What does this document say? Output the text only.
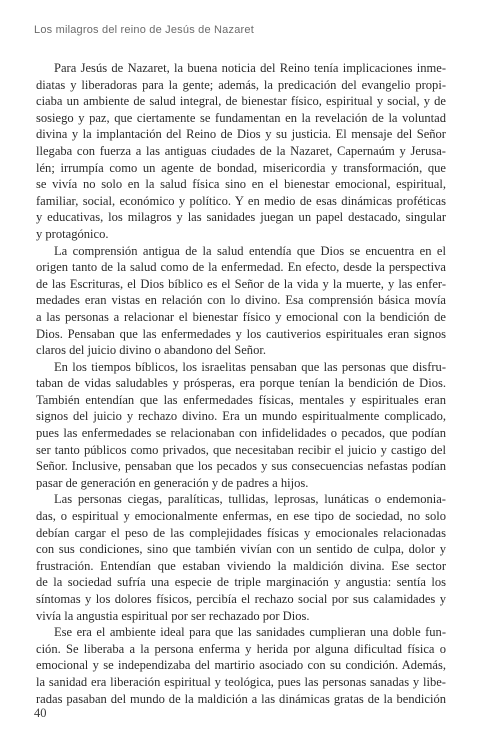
Los milagros del reino de Jesús de Nazaret
Para Jesús de Nazaret, la buena noticia del Reino tenía implicaciones inme-
diatas y liberadoras para la gente; además, la predicación del evangelio propi-
ciaba un ambiente de salud integral, de bienestar físico, espiritual y social, y de
sosiego y paz, que ciertamente se fundamentan en la revelación de la voluntad
divina y la implantación del Reino de Dios y su justicia. El mensaje del Señor
llegaba con fuerza a las antiguas ciudades de la Nazaret, Capernaúm y Jerusa-
lén; irrumpía como un agente de bondad, misericordia y transformación, que
se vivía no solo en la salud física sino en el bienestar emocional, espiritual,
familiar, social, económico y político. Y en medio de esas dinámicas proféticas
y educativas, los milagros y las sanidades juegan un papel destacado, singular
y protagónico.
La comprensión antigua de la salud entendía que Dios se encuentra en el
origen tanto de la salud como de la enfermedad. En efecto, desde la perspectiva
de las Escrituras, el Dios bíblico es el Señor de la vida y la muerte, y las enfer-
medades eran vistas en relación con lo divino. Esa comprensión básica movía
a las personas a relacionar el bienestar físico y emocional con la bendición de
Dios. Pensaban que las enfermedades y los cautiverios espirituales eran signos
claros del juicio divino o abandono del Señor.
En los tiempos bíblicos, los israelitas pensaban que las personas que disfru-
taban de vidas saludables y prósperas, era porque tenían la bendición de Dios.
También entendían que las enfermedades físicas, mentales y espirituales eran
signos del juicio y rechazo divino. Era un mundo espiritualmente complicado,
pues las enfermedades se relacionaban con infidelidades o pecados, que podían
ser tanto públicos como privados, que necesitaban recibir el juicio y castigo del
Señor. Inclusive, pensaban que los pecados y sus consecuencias nefastas podían
pasar de generación en generación y de padres a hijos.
Las personas ciegas, paralíticas, tullidas, leprosas, lunáticas o endemonia-
das, o espiritual y emocionalmente enfermas, en ese tipo de sociedad, no solo
debían cargar el peso de las complejidades físicas y emocionales relacionadas
con sus condiciones, sino que también vivían con un sentido de culpa, dolor y
frustración. Entendían que estaban viviendo la maldición divina. Ese sector
de la sociedad sufría una especie de triple marginación y angustia: sentía los
síntomas y los dolores físicos, percibía el rechazo social por sus calamidades y
vivía la angustia espiritual por ser rechazado por Dios.
Ese era el ambiente ideal para que las sanidades cumplieran una doble fun-
ción. Se liberaba a la persona enferma y herida por alguna dificultad física o
emocional y se independizaba del martirio asociado con su condición. Además,
la sanidad era liberación espiritual y teológica, pues las personas sanadas y libe-
radas pasaban del mundo de la maldición a las dinámicas gratas de la bendición
40
